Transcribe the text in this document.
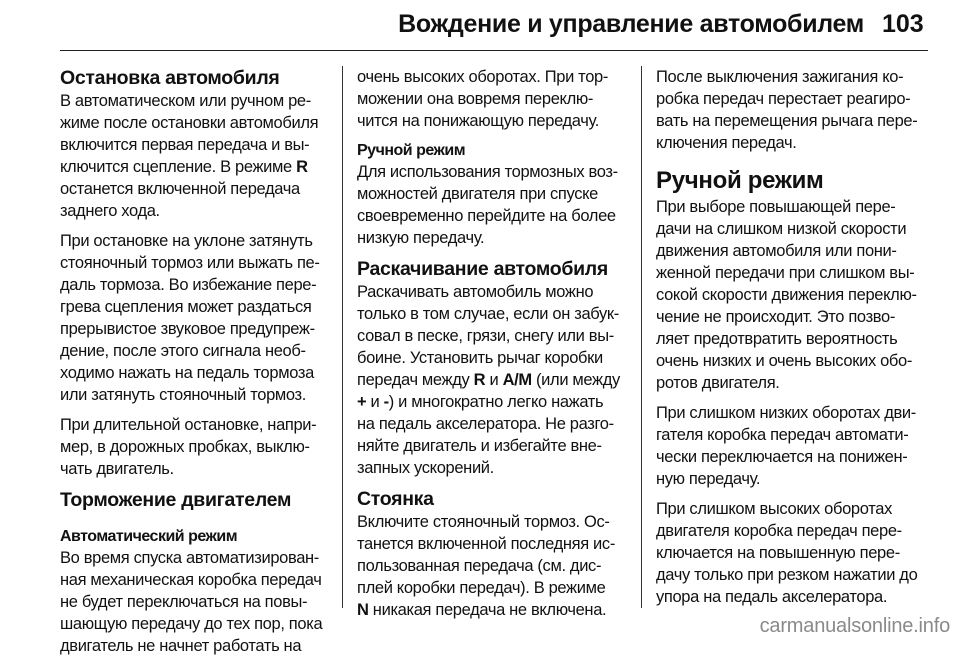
Вождение и управление автомобилем 103
Остановка автомобиля

В автоматическом или ручном ре-
жиме после остановки автомобиля
включится первая передача и вы-
ключится сцепление. В режиме R
останется включенной передача
заднего хода.

При остановке на уклоне затянуть
стояночный тормоз или выжать пе-
даль тормоза. Во избежание пере-
грева сцепления может раздаться
прерывистое звуковое предупреж-
дение, после этого сигнала необ-
ходимо нажать на педаль тормоза
или затянуть стояночный тормоз.

При длительной остановке, напри-
мер, в дорожных пробках, выклю-
чать двигатель.

Торможение двигателем
Автоматический режим

Во время спуска автоматизирован-
ная механическая коробка передач
не будет переключаться на повы-
шающую передачу до тех пор, пока
двигатель не начнет работать на

очень высоких оборотах. При тор-
можении она вовремя переклю-
чится на понижающую передачу.

Ручной режим

Для использования тормозных воз-
можностей двигателя при спуске
своевременно перейдите на более
низкую передачу.

Раскачивание автомобиля

Раскачивать автомобиль можно
только в том случае, если он забук-
совал в песке, грязи, снегу или вы-
боине. Установить рычаг коробки
передач между R и A/M (или между
+ и -) и многократно легко нажать
на педаль акселератора. Не разго-
няйте двигатель и избегайте вне-
запных ускорений.

Стоянка

Включите стояночный тормоз. Ос-
танется включенной последняя ис-
пользованная передача (см. дис-
плей коробки передач). В режиме
N никакая передача не включена.

После выключения зажигания ко-
робка передач перестает реагиро-
вать на перемещения рычага пере-
ключения передач.

Ручной режим

При выборе повышающей пере-
дачи на слишком низкой скорости
движения автомобиля или пони-
женной передачи при слишком вы-
сокой скорости движения переклю-
чение не происходит. Это позво-
ляет предотвратить вероятность
очень низких и очень высоких обо-
ротов двигателя.

При слишком низких оборотах дви-
гателя коробка передач автомати-
чески переключается на понижен-
ную передачу.

При слишком высоких оборотах
двигателя коробка передач пере-
ключается на повышенную пере-
дачу только при резком нажатии до
упора на педаль акселератора.

carmanualsonline.info
